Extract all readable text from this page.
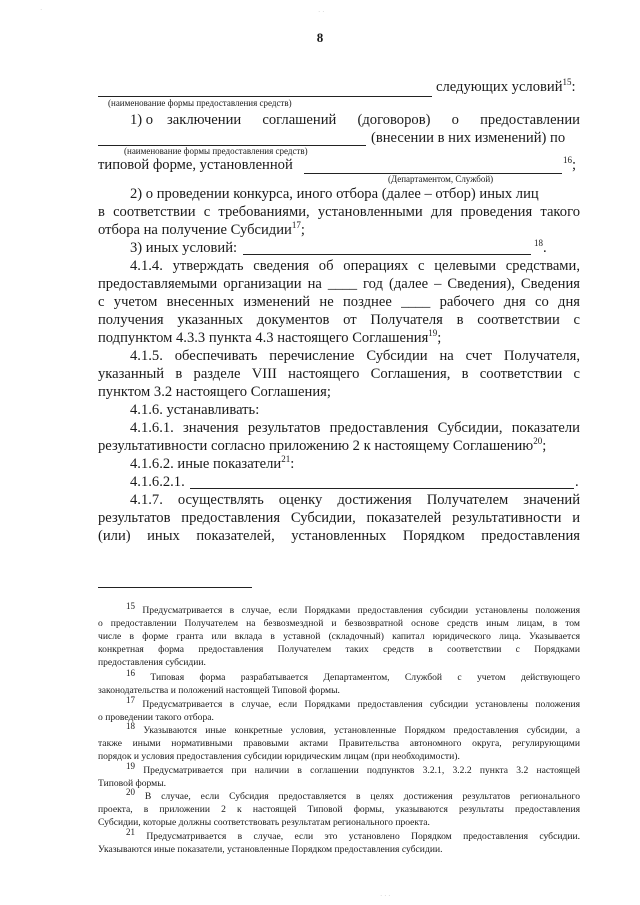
8
следующих условий$^{15}$:
(наименование формы предоставления средств)
1) о заключении соглашений (договоров) о предоставлении
(внесении в них изменений) по
(наименование формы предоставления средств)
типовой форме, установленной	$^{16}$;
(Департаментом, Службой)
2) о проведении конкурса, иного отбора (далее – отбор) иных лиц
в соответствии с требованиями, установленными для проведения такого
отбора на получение Субсидии$^{17}$;
3) иных условий:	$^{18}$.
4.1.4. утверждать сведения об операциях с целевыми средствами,
предоставляемыми организации на ____ год (далее – Сведения), Сведения
с учетом внесенных изменений не позднее ____ рабочего дня со дня
получения указанных документов от Получателя в соответствии с
подпунктом 4.3.3 пункта 4.3 настоящего Соглашения$^{19}$;
4.1.5. обеспечивать перечисление Субсидии на счет Получателя,
указанный в разделе VIII настоящего Соглашения, в соответствии с
пунктом 3.2 настоящего Соглашения;
4.1.6. устанавливать:
4.1.6.1. значения результатов предоставления Субсидии, показатели
результативности согласно приложению 2 к настоящему Соглашению$^{20}$;
4.1.6.2. иные показатели$^{21}$:
4.1.6.2.1.	.
4.1.7. осуществлять оценку достижения Получателем значений
результатов предоставления Субсидии, показателей результативности и
(или) иных показателей, установленных Порядком предоставления
$^{15}$ Предусматривается в случае, если Порядками предоставления субсидии установлены положения
о предоставлении Получателем на безвозмездной и безвозвратной основе средств иным лицам, в том
числе в форме гранта или вклада в уставной (складочный) капитал юридического лица. Указывается
конкретная форма предоставления Получателем таких средств в соответствии с Порядками
предоставления субсидии.
$^{16}$ Типовая форма разрабатывается Департаментом, Службой с учетом действующего
законодательства и положений настоящей Типовой формы.
$^{17}$ Предусматривается в случае, если Порядками предоставления субсидии установлены положения
о проведении такого отбора.
$^{18}$ Указываются иные конкретные условия, установленные Порядком предоставления субсидии, а
также иными нормативными правовыми актами Правительства автономного округа, регулирующими
порядок и условия предоставления субсидии юридическим лицам (при необходимости).
$^{19}$ Предусматривается при наличии в соглашении подпунктов 3.2.1, 3.2.2 пункта 3.2 настоящей
Типовой формы.
$^{20}$ В случае, если Субсидия предоставляется в целях достижения результатов регионального
проекта, в приложении 2 к настоящей Типовой формы, указываются результаты предоставления
Субсидии, которые должны соответствовать результатам регионального проекта.
$^{21}$ Предусматривается в случае, если это установлено Порядком предоставления субсидии.
Указываются иные показатели, установленные Порядком предоставления субсидии.
·	· ·
· · ·
